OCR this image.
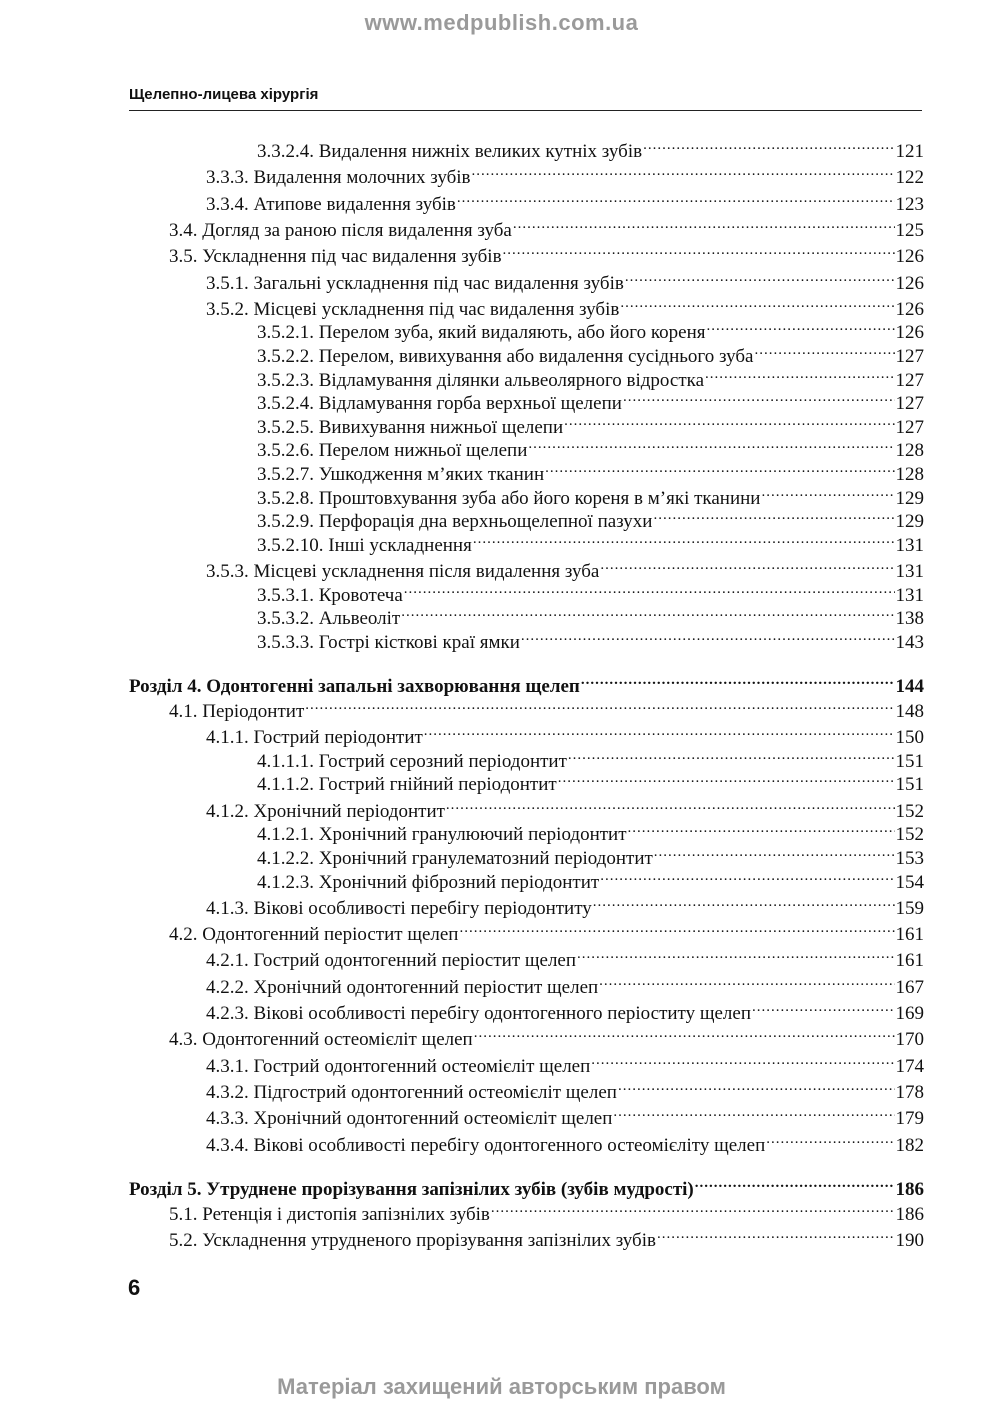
www.medpublish.com.ua
Щелепно-лицева хірургія
3.3.2.4. Видалення нижніх великих кутніх зубів .....	121
3.3.3. Видалення молочних зубів .....	122
3.3.4. Атипове видалення зубів .....	123
3.4. Догляд за раною після видалення зуба .....	125
3.5. Ускладнення під час видалення зубів .....	126
3.5.1. Загальні ускладнення під час видалення зубів .....	126
3.5.2. Місцеві ускладнення під час видалення зубів .....	126
3.5.2.1. Перелом зуба, який видаляють, або його кореня .....	126
3.5.2.2. Перелом, вивихування або видалення сусіднього зуба .....	127
3.5.2.3. Відламування ділянки альвеолярного відростка .....	127
3.5.2.4. Відламування горба верхньої щелепи .....	127
3.5.2.5. Вивихування нижньої щелепи .....	127
3.5.2.6. Перелом нижньої щелепи .....	128
3.5.2.7. Ушкодження м’яких тканин .....	128
3.5.2.8. Проштовхування зуба або його кореня в м’які тканини .....	129
3.5.2.9. Перфорація дна верхньощелепної пазухи .....	129
3.5.2.10. Інші ускладнення .....	131
3.5.3. Місцеві ускладнення після видалення зуба .....	131
3.5.3.1. Кровотеча .....	131
3.5.3.2. Альвеоліт .....	138
3.5.3.3. Гострі кісткові краї ямки .....	143
Розділ 4. Одонтогенні запальні захворювання щелеп .....	144
4.1. Періодонтит .....	148
4.1.1. Гострий періодонтит .....	150
4.1.1.1. Гострий серозний періодонтит .....	151
4.1.1.2. Гострий гнійний періодонтит .....	151
4.1.2. Хронічний періодонтит .....	152
4.1.2.1. Хронічний гранулюючий періодонтит .....	152
4.1.2.2. Хронічний гранулематозний періодонтит .....	153
4.1.2.3. Хронічний фіброзний періодонтит .....	154
4.1.3. Вікові особливості перебігу періодонтиту .....	159
4.2. Одонтогенний періостит щелеп .....	161
4.2.1. Гострий одонтогенний періостит щелеп .....	161
4.2.2. Хронічний одонтогенний періостит щелеп .....	167
4.2.3. Вікові особливості перебігу одонтогенного періоститу щелеп .....	169
4.3. Одонтогенний остеомієліт щелеп .....	170
4.3.1. Гострий одонтогенний остеомієліт щелеп .....	174
4.3.2. Підгострий одонтогенний остеомієліт щелеп .....	178
4.3.3. Хронічний одонтогенний остеомієліт щелеп .....	179
4.3.4. Вікові особливості перебігу одонтогенного остеомієліту щелеп .....	182
Розділ 5. Утруднене прорізування запізнілих зубів (зубів мудрості) .....	186
5.1. Ретенція і дистопія запізнілих зубів .....	186
5.2. Ускладнення утрудненого прорізування запізнілих зубів .....	190
6
Матеріал захищений авторським правом
